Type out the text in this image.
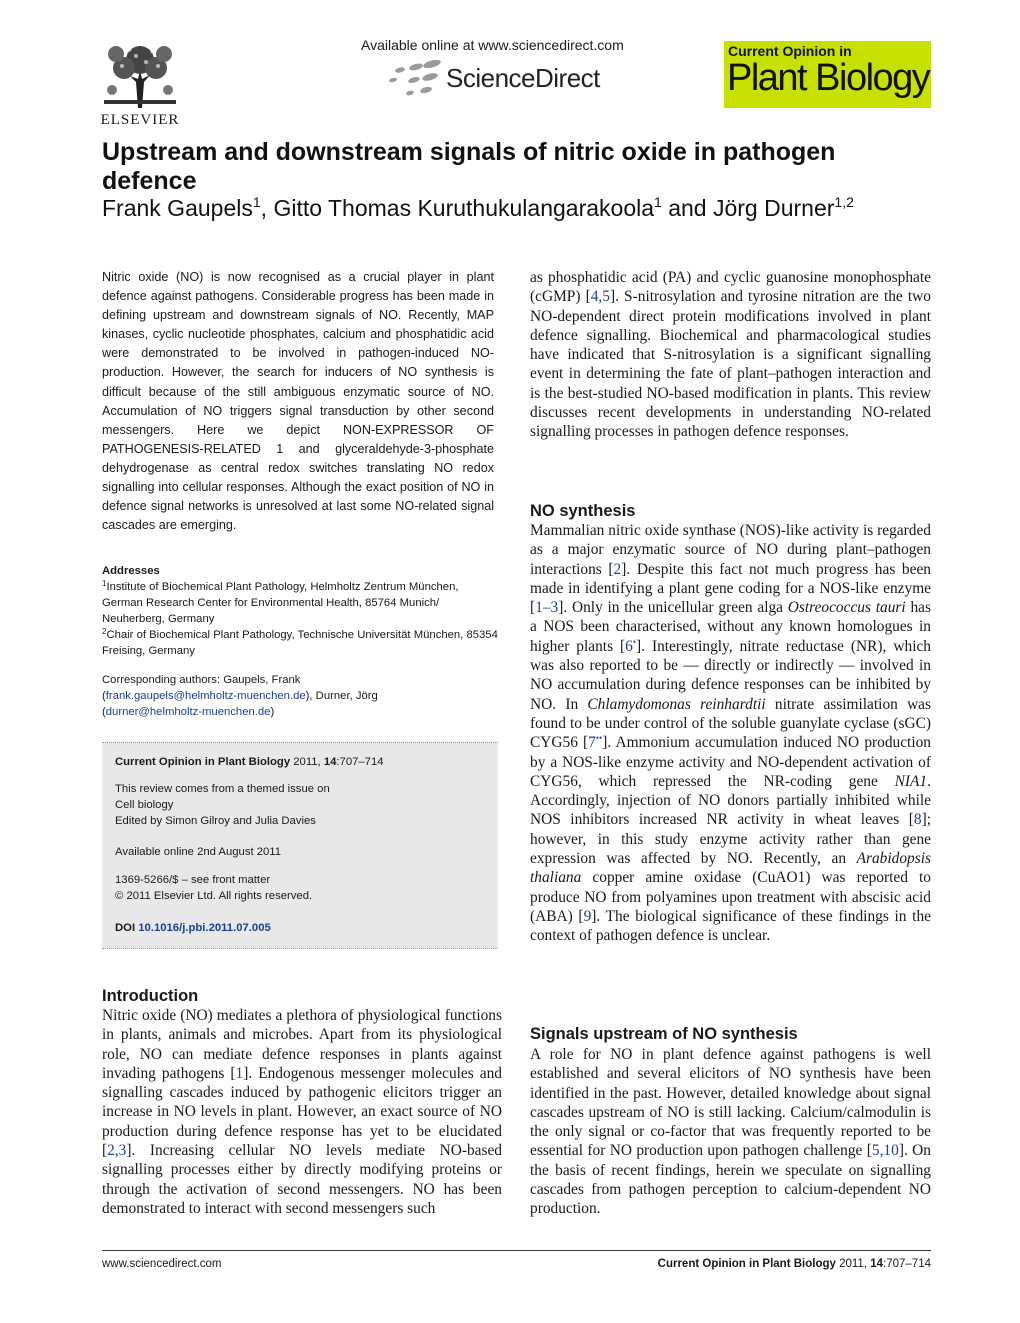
ELSEVIER
Available online at www.sciencedirect.com
ScienceDirect
Current Opinion in
Plant Biology
Upstream and downstream signals of nitric oxide in pathogen defence
Frank Gaupels$^1$, Gitto Thomas Kuruthukulangarakoola$^1$ and Jörg Durner$^{1,2}$
Nitric oxide (NO) is now recognised as a crucial player in plant defence against pathogens. Considerable progress has been made in defining upstream and downstream signals of NO. Recently, MAP kinases, cyclic nucleotide phosphates, calcium and phosphatidic acid were demonstrated to be involved in pathogen-induced NO-production. However, the search for inducers of NO synthesis is difficult because of the still ambiguous enzymatic source of NO. Accumulation of NO triggers signal transduction by other second messengers. Here we depict NON-EXPRESSOR OF PATHOGENESIS-RELATED 1 and glyceraldehyde-3-phosphate dehydrogenase as central redox switches translating NO redox signalling into cellular responses. Although the exact position of NO in defence signal networks is unresolved at last some NO-related signal cascades are emerging.
Addresses
$^1$Institute of Biochemical Plant Pathology, Helmholtz Zentrum München, German Research Center for Environmental Health, 85764 Munich/ Neuherberg, Germany
$^2$Chair of Biochemical Plant Pathology, Technische Universität München, 85354 Freising, Germany
Corresponding authors: Gaupels, Frank
(frank.gaupels@helmholtz-muenchen.de), Durner, Jörg
(durner@helmholtz-muenchen.de)
Current Opinion in Plant Biology 2011, 14:707–714
This review comes from a themed issue on
Cell biology
Edited by Simon Gilroy and Julia Davies
Available online 2nd August 2011
1369-5266/$ – see front matter
© 2011 Elsevier Ltd. All rights reserved.
DOI 10.1016/j.pbi.2011.07.005
Introduction
Nitric oxide (NO) mediates a plethora of physiological functions in plants, animals and microbes. Apart from its physiological role, NO can mediate defence responses in plants against invading pathogens [1]. Endogenous messenger molecules and signalling cascades induced by pathogenic elicitors trigger an increase in NO levels in plant. However, an exact source of NO production during defence response has yet to be elucidated [2,3]. Increasing cellular NO levels mediate NO-based signalling processes either by directly modifying proteins or through the activation of second messengers. NO has been demonstrated to interact with second messengers such
as phosphatidic acid (PA) and cyclic guanosine monophosphate (cGMP) [4,5]. S-nitrosylation and tyrosine nitration are the two NO-dependent direct protein modifications involved in plant defence signalling. Biochemical and pharmacological studies have indicated that S-nitrosylation is a significant signalling event in determining the fate of plant–pathogen interaction and is the best-studied NO-based modification in plants. This review discusses recent developments in understanding NO-related signalling processes in pathogen defence responses.
NO synthesis
Mammalian nitric oxide synthase (NOS)-like activity is regarded as a major enzymatic source of NO during plant–pathogen interactions [2]. Despite this fact not much progress has been made in identifying a plant gene coding for a NOS-like enzyme [1–3]. Only in the unicellular green alga Ostreococcus tauri has a NOS been characterised, without any known homologues in higher plants [6•]. Interestingly, nitrate reductase (NR), which was also reported to be — directly or indirectly — involved in NO accumulation during defence responses can be inhibited by NO. In Chlamydomonas reinhardtii nitrate assimilation was found to be under control of the soluble guanylate cyclase (sGC) CYG56 [7••]. Ammonium accumulation induced NO production by a NOS-like enzyme activity and NO-dependent activation of CYG56, which repressed the NR-coding gene NIA1. Accordingly, injection of NO donors partially inhibited while NOS inhibitors increased NR activity in wheat leaves [8]; however, in this study enzyme activity rather than gene expression was affected by NO. Recently, an Arabidopsis thaliana copper amine oxidase (CuAO1) was reported to produce NO from polyamines upon treatment with abscisic acid (ABA) [9]. The biological significance of these findings in the context of pathogen defence is unclear.
Signals upstream of NO synthesis
A role for NO in plant defence against pathogens is well established and several elicitors of NO synthesis have been identified in the past. However, detailed knowledge about signal cascades upstream of NO is still lacking. Calcium/calmodulin is the only signal or co-factor that was frequently reported to be essential for NO production upon pathogen challenge [5,10]. On the basis of recent findings, herein we speculate on signalling cascades from pathogen perception to calcium-dependent NO production.
www.sciencedirect.com	Current Opinion in Plant Biology 2011, 14:707–714
